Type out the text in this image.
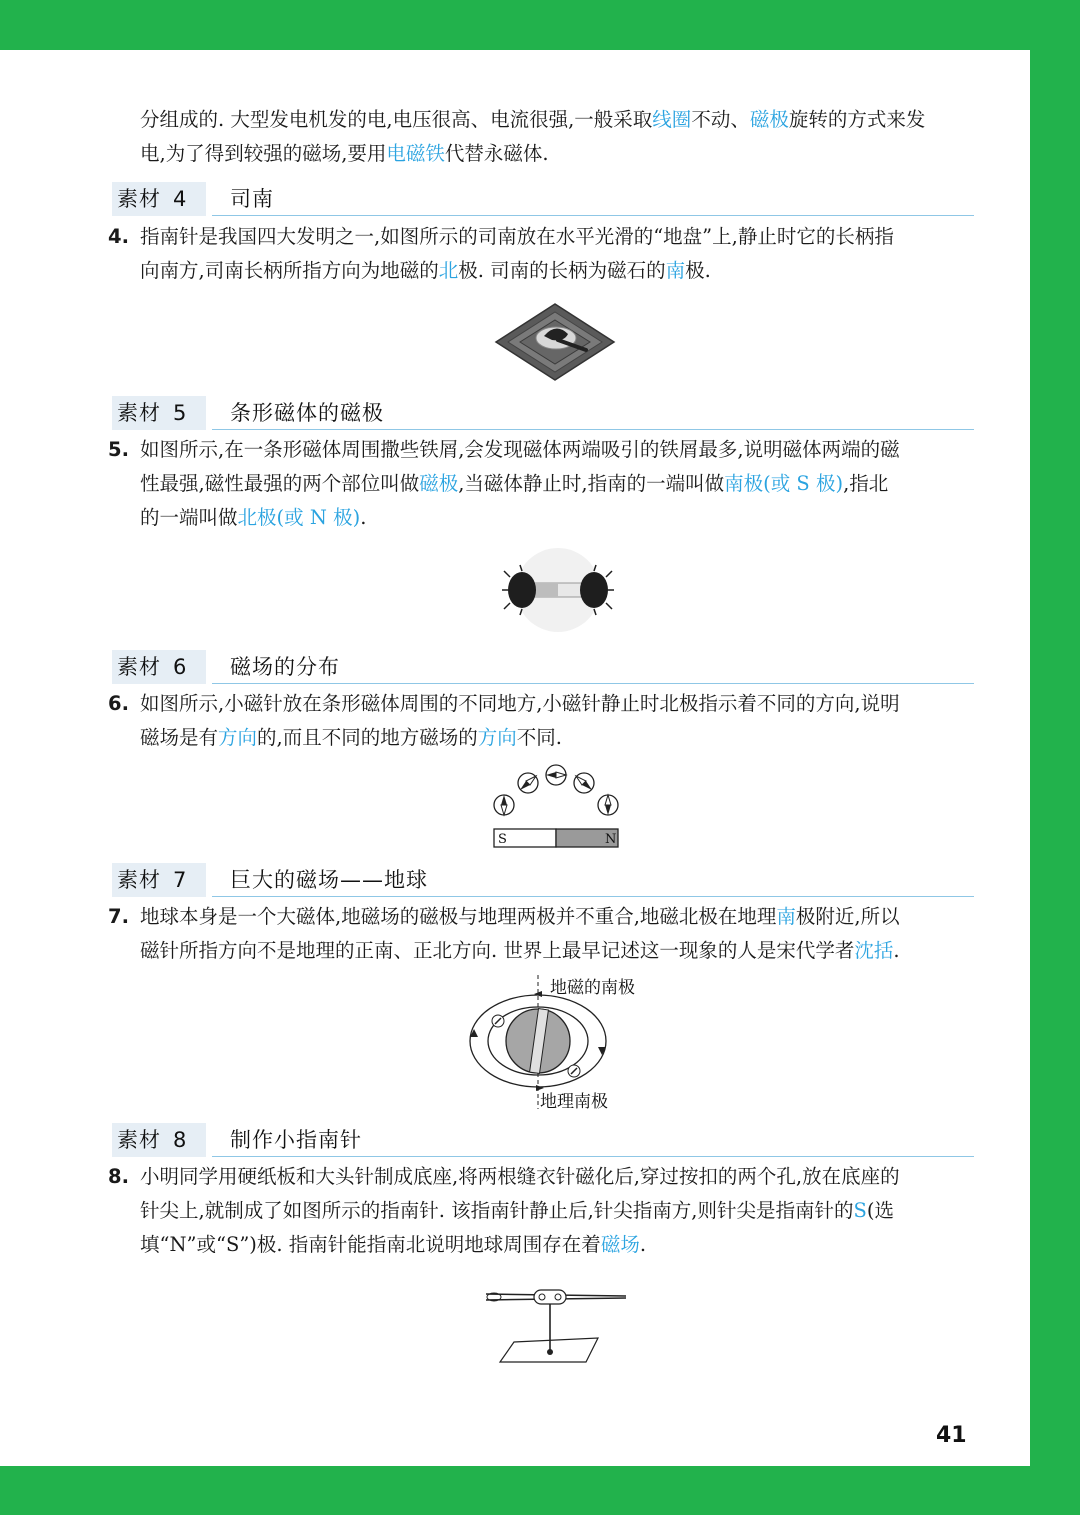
分组成的. 大型发电机发的电,电压很高、电流很强,一般采取线圈不动、磁极旋转的方式来发
电,为了得到较强的磁场,要用电磁铁代替永磁体.
素材 4	司南
4. 指南针是我国四大发明之一,如图所示的司南放在水平光滑的“地盘”上,静止时它的长柄指
向南方,司南长柄所指方向为地磁的北极. 司南的长柄为磁石的南极.
素材 5	条形磁体的磁极
5. 如图所示,在一条形磁体周围撒些铁屑,会发现磁体两端吸引的铁屑最多,说明磁体两端的磁
性最强,磁性最强的两个部位叫做磁极,当磁体静止时,指南的一端叫做南极(或 S 极),指北
的一端叫做北极(或 N 极).
素材 6	磁场的分布
6. 如图所示,小磁针放在条形磁体周围的不同地方,小磁针静止时北极指示着不同的方向,说明
磁场是有方向的,而且不同的地方磁场的方向不同.
S	N
素材 7	巨大的磁场——地球
7. 地球本身是一个大磁体,地磁场的磁极与地理两极并不重合,地磁北极在地理南极附近,所以
磁针所指方向不是地理的正南、正北方向. 世界上最早记述这一现象的人是宋代学者沈括.
地磁的南极
地理南极
素材 8	制作小指南针
8. 小明同学用硬纸板和大头针制成底座,将两根缝衣针磁化后,穿过按扣的两个孔,放在底座的
针尖上,就制成了如图所示的指南针. 该指南针静止后,针尖指南方,则针尖是指南针的S(选
填“N”或“S”)极. 指南针能指南北说明地球周围存在着磁场.
41
